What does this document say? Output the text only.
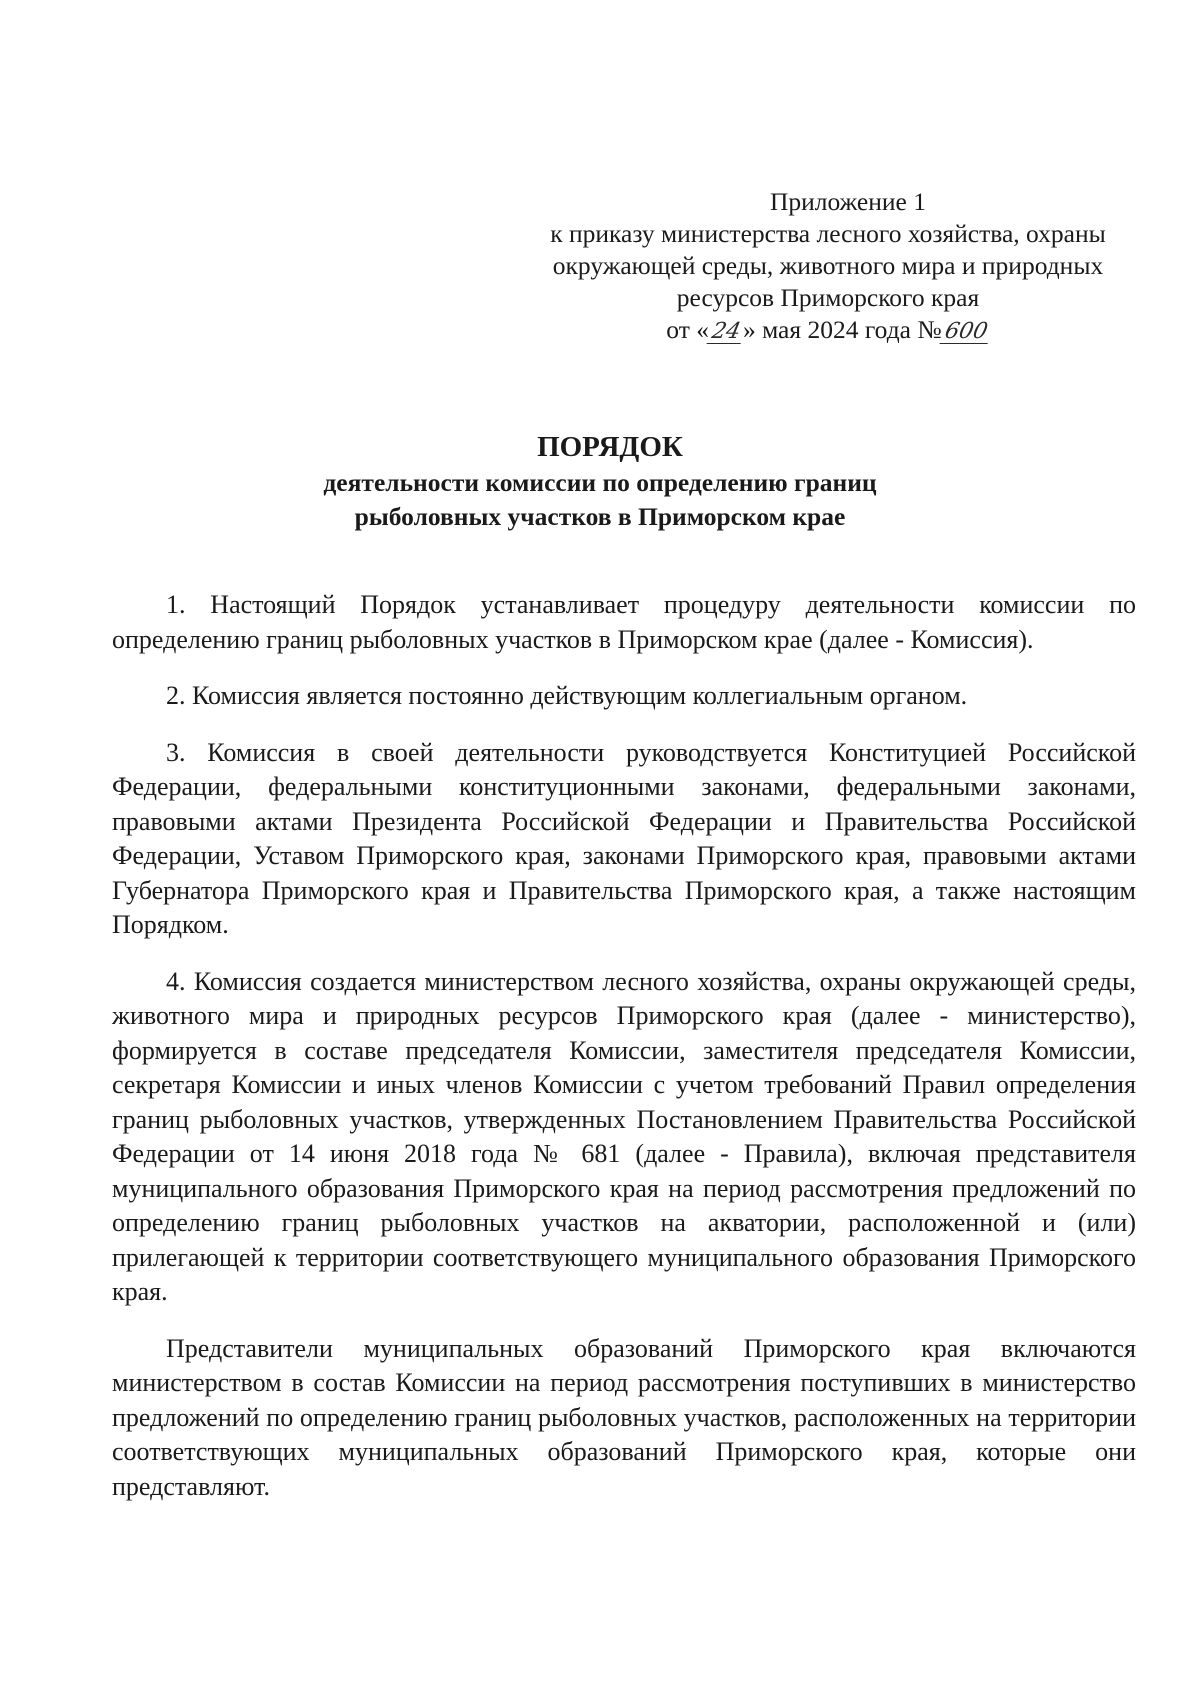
Приложение 1
к приказу министерства лесного хозяйства, охраны
окружающей среды, животного мира и природных
ресурсов Приморского края
от «24» мая 2024 года №600
ПОРЯДОК
деятельности комиссии по определению границ
рыболовных участков в Приморском крае

1. Настоящий Порядок устанавливает процедуру деятельности комиссии по определению границ рыболовных участков в Приморском крае (далее - Комиссия).

2. Комиссия является постоянно действующим коллегиальным органом.

3. Комиссия в своей деятельности руководствуется Конституцией Российской Федерации, федеральными конституционными законами, федеральными законами, правовыми актами Президента Российской Федерации и Правительства Российской Федерации, Уставом Приморского края, законами Приморского края, правовыми актами Губернатора Приморского края и Правительства Приморского края, а также настоящим Порядком.

4. Комиссия создается министерством лесного хозяйства, охраны окружающей среды, животного мира и природных ресурсов Приморского края (далее - министерство), формируется в составе председателя Комиссии, заместителя председателя Комиссии, секретаря Комиссии и иных членов Комиссии с учетом требований Правил определения границ рыболовных участков, утвержденных Постановлением Правительства Российской Федерации от 14 июня 2018 года № 681 (далее - Правила), включая представителя муниципального образования Приморского края на период рассмотрения предложений по определению границ рыболовных участков на акватории, расположенной и (или) прилегающей к территории соответствующего муниципального образования Приморского края.

Представители муниципальных образований Приморского края включаются министерством в состав Комиссии на период рассмотрения поступивших в министерство предложений по определению границ рыболовных участков, расположенных на территории соответствующих муниципальных образований Приморского края, которые они представляют.
